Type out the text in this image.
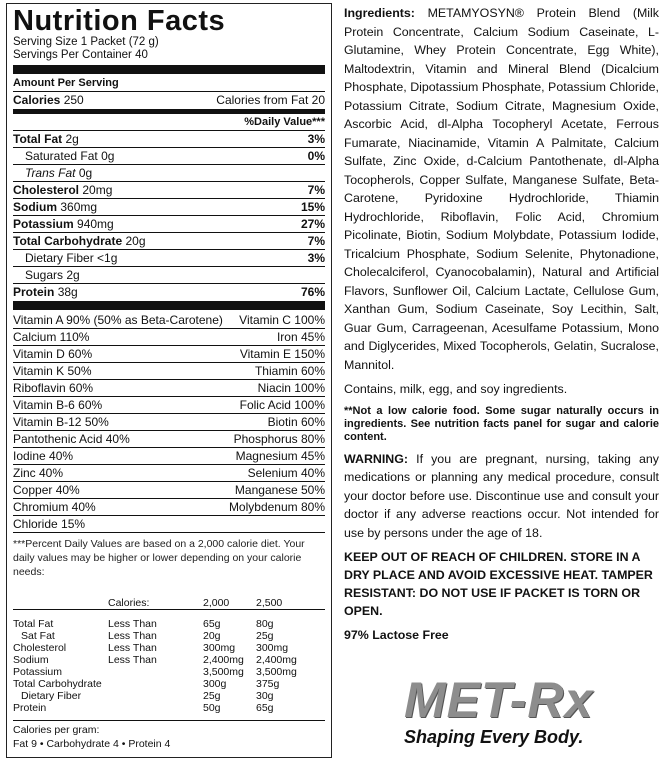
Nutrition Facts
Serving Size 1 Packet (72 g)
Servings Per Container 40
Amount Per Serving
Calories 250	Calories from Fat 20
%Daily Value***
Total Fat 2g	3%
Saturated Fat 0g	0%
Trans Fat 0g
Cholesterol 20mg	7%
Sodium 360mg	15%
Potassium 940mg	27%
Total Carbohydrate 20g	7%
Dietary Fiber <1g	3%
Sugars 2g
Protein 38g	76%
Vitamin A 90% (50% as Beta-Carotene) Vitamin C 100%
Calcium 110%	Iron 45%
Vitamin D 60%	Vitamin E 150%
Vitamin K 50%	Thiamin 60%
Riboflavin 60%	Niacin 100%
Vitamin B-6 60%	Folic Acid 100%
Vitamin B-12 50%	Biotin 60%
Pantothenic Acid 40%	Phosphorus 80%
Iodine 40%	Magnesium 45%
Zinc 40%	Selenium 40%
Copper 40%	Manganese 50%
Chromium 40%	Molybdenum 80%
Chloride 15%
***Percent Daily Values are based on a 2,000 calorie diet. Your daily values may be higher or lower depending on your calorie needs:
	Calories:	2,000	2,500

Total Fat	Less Than	65g	80g
Sat Fat	Less Than	20g	25g
Cholesterol	Less Than	300mg	300mg
Sodium	Less Than	2,400mg	2,400mg
Potassium		3,500mg	3,500mg
Total Carbohydrate		300g	375g
Dietary Fiber		25g	30g
Protein		50g	65g
Calories per gram:
Fat 9 • Carbohydrate 4 • Protein 4

Ingredients: METAMYOSYN® Protein Blend (Milk Protein Concentrate, Calcium Sodium Caseinate, L-Glutamine, Whey Protein Concentrate, Egg White), Maltodextrin, Vitamin and Mineral Blend (Dicalcium Phosphate, Dipotassium Phosphate, Potassium Chloride, Potassium Citrate, Sodium Citrate, Magnesium Oxide, Ascorbic Acid, dl-Alpha Tocopheryl Acetate, Ferrous Fumarate, Niacinamide, Vitamin A Palmitate, Calcium Sulfate, Zinc Oxide, d-Calcium Pantothenate, dl-Alpha Tocopherols, Copper Sulfate, Manganese Sulfate, Beta-Carotene, Pyridoxine Hydrochloride, Thiamin Hydrochloride, Riboflavin, Folic Acid, Chromium Picolinate, Biotin, Sodium Molybdate, Potassium Iodide, Tricalcium Phosphate, Sodium Selenite, Phytonadione, Cholecalciferol, Cyanocobalamin), Natural and Artificial Flavors, Sunflower Oil, Calcium Lactate, Cellulose Gum, Xanthan Gum, Sodium Caseinate, Soy Lecithin, Salt, Guar Gum, Carrageenan, Acesulfame Potassium, Mono and Diglycerides, Mixed Tocopherols, Gelatin, Sucralose, Mannitol.

Contains, milk, egg, and soy ingredients.

**Not a low calorie food. Some sugar naturally occurs in ingredients. See nutrition facts panel for sugar and calorie content.

WARNING: If you are pregnant, nursing, taking any medications or planning any medical procedure, consult your doctor before use. Discontinue use and consult your doctor if any adverse reactions occur. Not intended for use by persons under the age of 18.

KEEP OUT OF REACH OF CHILDREN. STORE IN A DRY PLACE AND AVOID EXCESSIVE HEAT. TAMPER RESISTANT: DO NOT USE IF PACKET IS TORN OR OPEN.

97% Lactose Free

MET-Rx
Shaping Every Body.
